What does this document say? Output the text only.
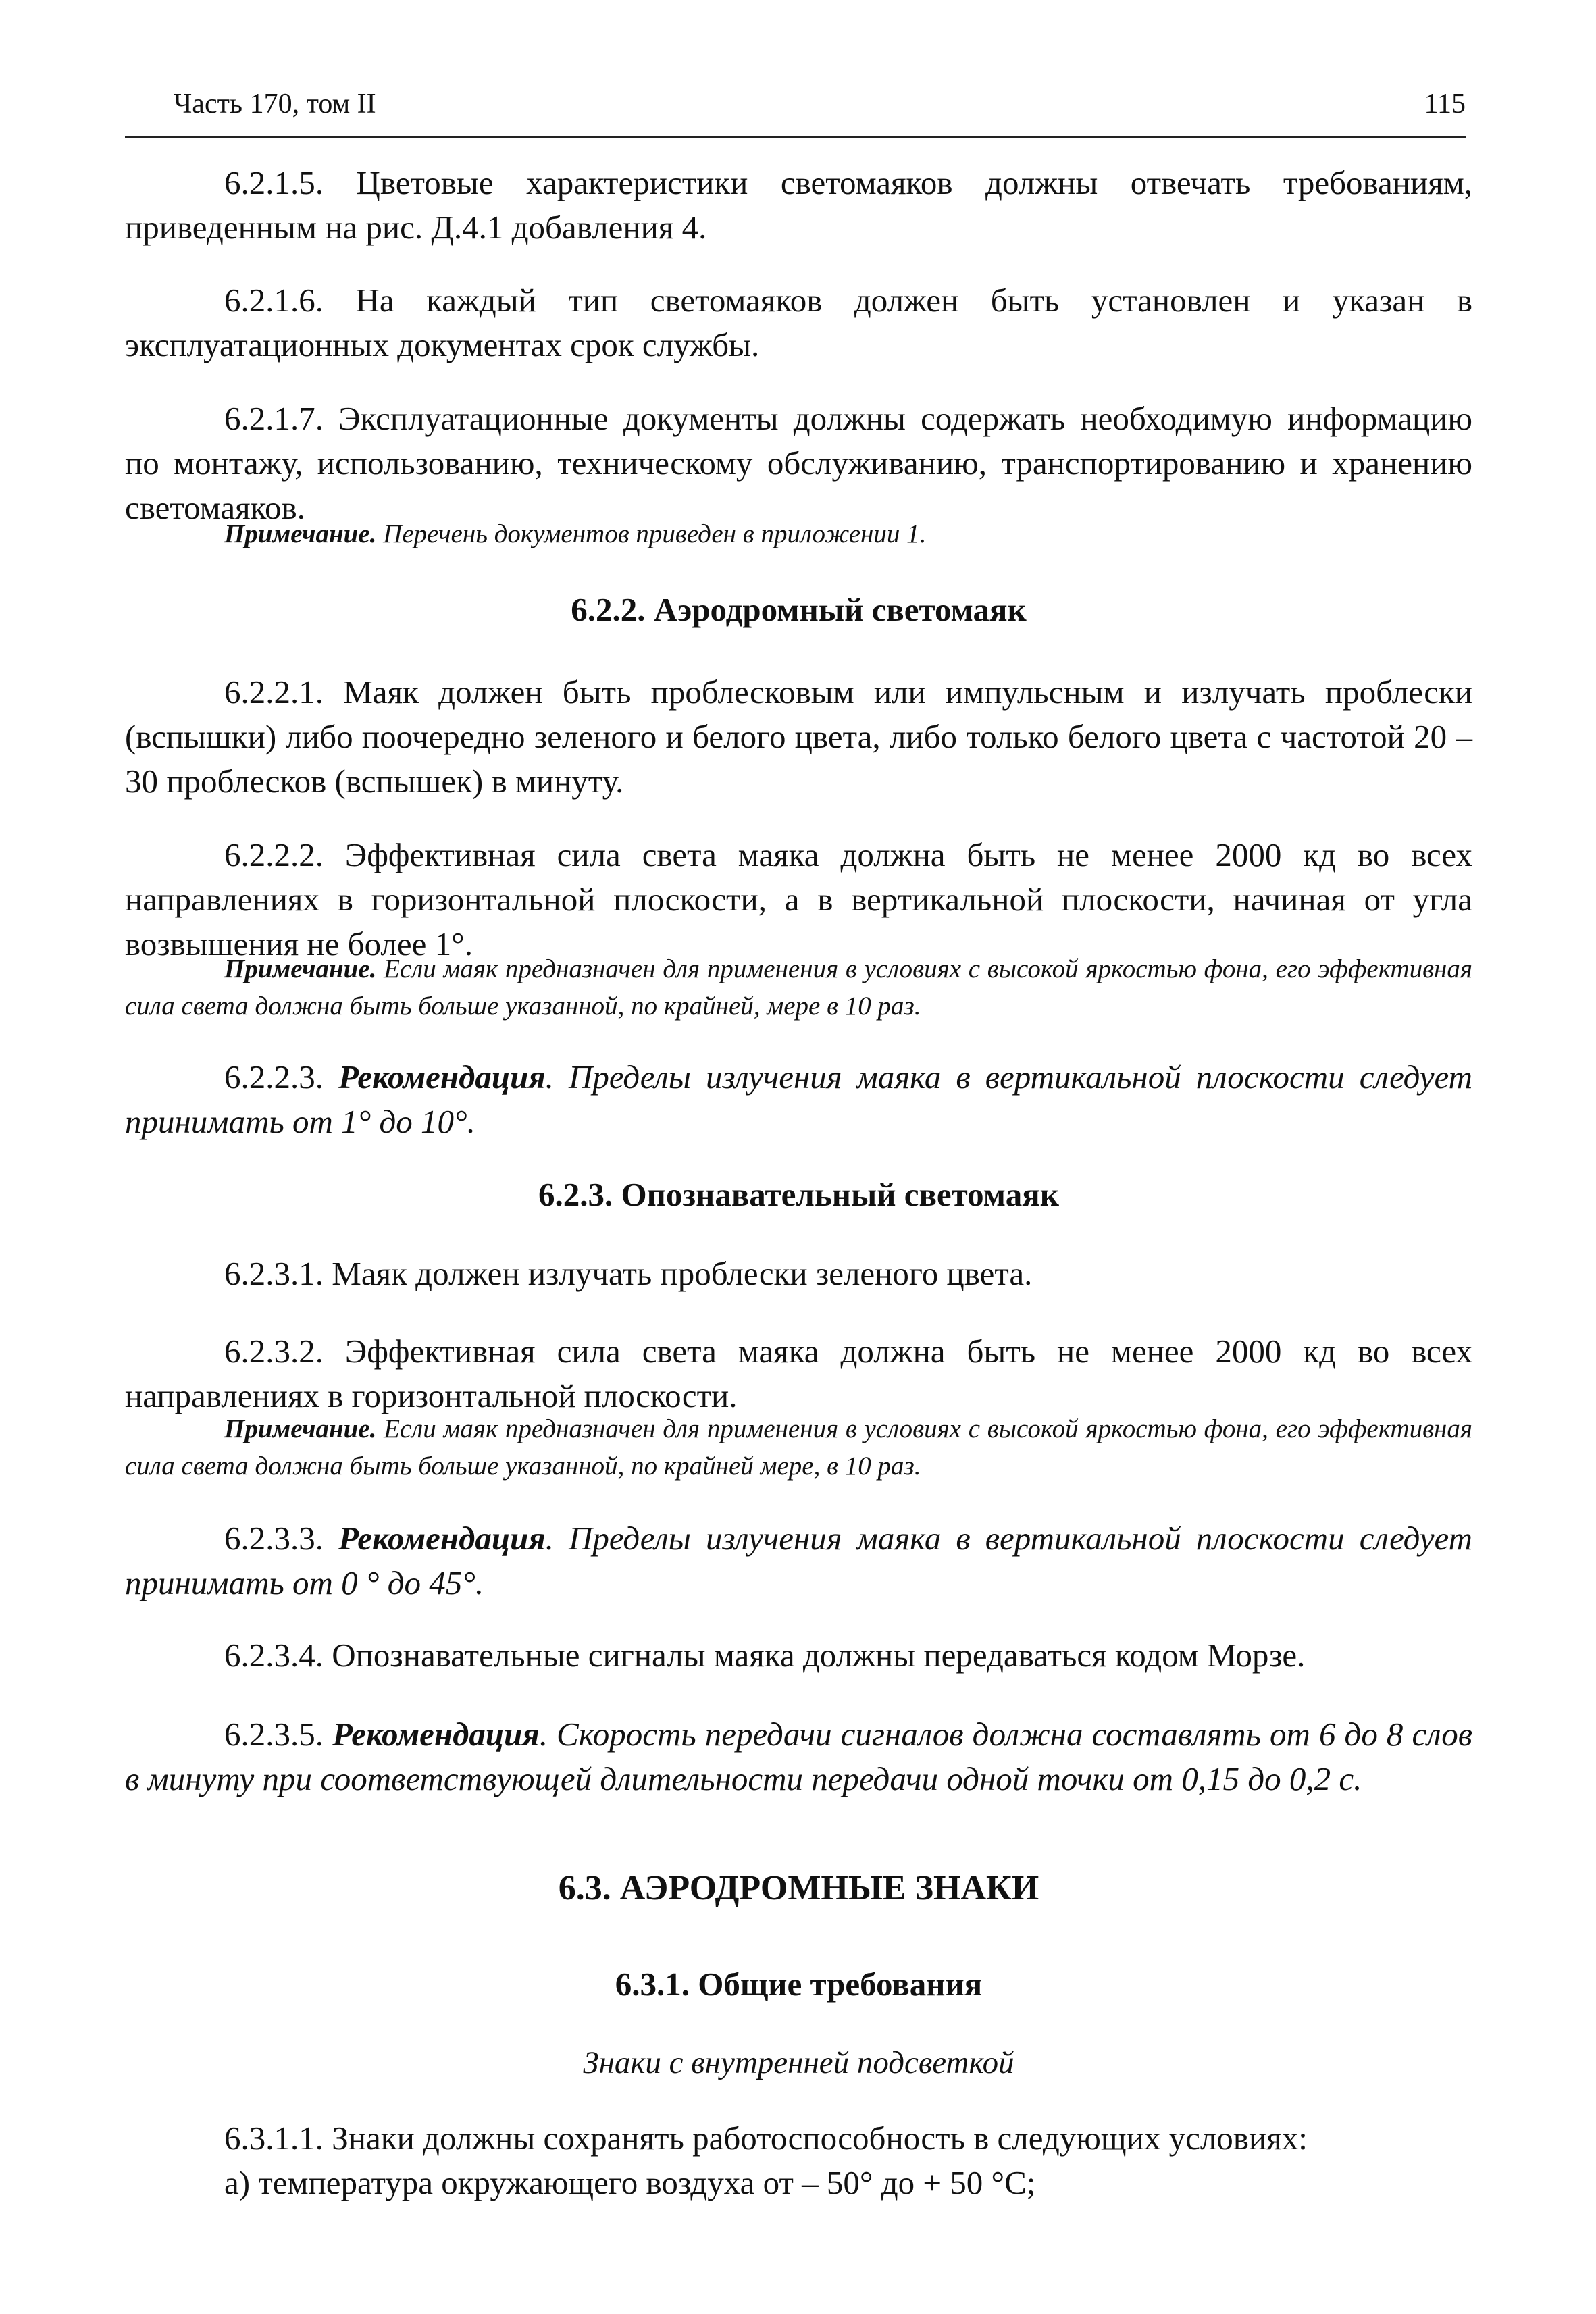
Часть 170, том II	115

6.2.1.5. Цветовые характеристики светомаяков должны отвечать требованиям, приведенным на рис. Д.4.1 добавления 4.

6.2.1.6. На каждый тип светомаяков должен быть установлен и указан в эксплуатационных документах срок службы.

6.2.1.7. Эксплуатационные документы должны содержать необходимую информацию по монтажу, использованию, техническому обслуживанию, транспортированию и хранению светомаяков.

Примечание. Перечень документов приведен в приложении 1.

6.2.2. Аэродромный светомаяк

6.2.2.1. Маяк должен быть проблесковым или импульсным и излучать проблески (вспышки) либо поочередно зеленого и белого цвета, либо только белого цвета с частотой 20 – 30 проблесков (вспышек) в минуту.

6.2.2.2. Эффективная сила света маяка должна быть не менее 2000 кд во всех направлениях в горизонтальной плоскости, а в вертикальной плоскости, начиная от угла возвышения не более 1°.

Примечание. Если маяк предназначен для применения в условиях с высокой яркостью фона, его эффективная сила света должна быть больше указанной, по крайней, мере в 10 раз.

6.2.2.3. Рекомендация. Пределы излучения маяка в вертикальной плоскости следует принимать от 1° до 10°.

6.2.3. Опознавательный светомаяк

6.2.3.1. Маяк должен излучать проблески зеленого цвета.

6.2.3.2. Эффективная сила света маяка должна быть не менее 2000 кд во всех направлениях в горизонтальной плоскости.

Примечание. Если маяк предназначен для применения в условиях с высокой яркостью фона, его эффективная сила света должна быть больше указанной, по крайней мере, в 10 раз.

6.2.3.3. Рекомендация. Пределы излучения маяка в вертикальной плоскости следует принимать от 0 ° до 45°.

6.2.3.4. Опознавательные сигналы маяка должны передаваться кодом Морзе.

6.2.3.5. Рекомендация. Скорость передачи сигналов должна составлять от 6 до 8 слов в минуту при соответствующей длительности передачи одной точки от 0,15 до 0,2 с.

6.3. АЭРОДРОМНЫЕ ЗНАКИ
6.3.1. Общие требования
Знаки с внутренней подсветкой

6.3.1.1. Знаки должны сохранять работоспособность в следующих условиях:

а) температура окружающего воздуха от – 50° до + 50 °С;
